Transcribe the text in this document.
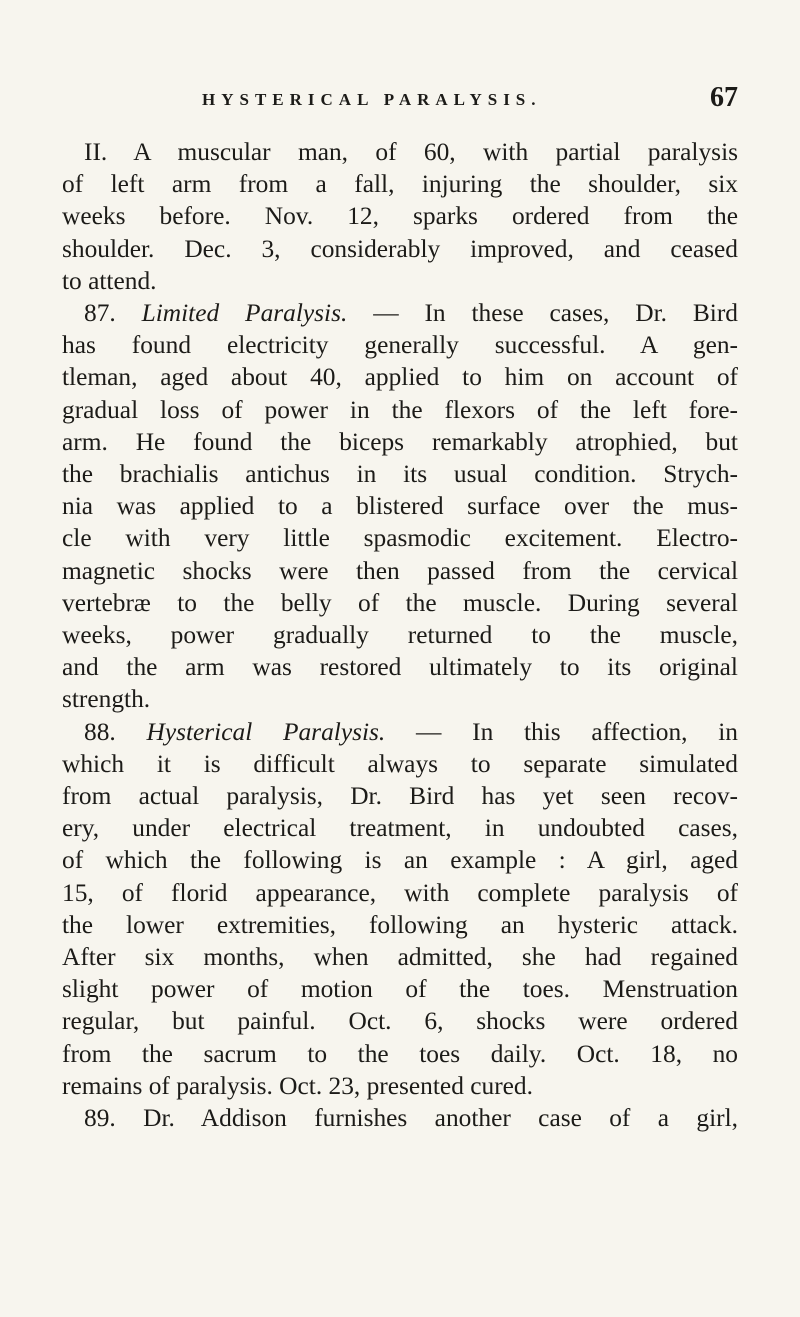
HYSTERICAL PARALYSIS.	67
II. A muscular man, of 60, with partial paralysis
of left arm from a fall, injuring the shoulder, six
weeks before. Nov. 12, sparks ordered from the
shoulder. Dec. 3, considerably improved, and ceased
to attend.
87. Limited Paralysis. — In these cases, Dr. Bird
has found electricity generally successful. A gen-
tleman, aged about 40, applied to him on account of
gradual loss of power in the flexors of the left fore-
arm. He found the biceps remarkably atrophied, but
the brachialis antichus in its usual condition. Strych-
nia was applied to a blistered surface over the mus-
cle with very little spasmodic excitement. Electro-
magnetic shocks were then passed from the cervical
vertebræ to the belly of the muscle. During several
weeks, power gradually returned to the muscle,
and the arm was restored ultimately to its original
strength.
88. Hysterical Paralysis. — In this affection, in
which it is difficult always to separate simulated
from actual paralysis, Dr. Bird has yet seen recov-
ery, under electrical treatment, in undoubted cases,
of which the following is an example : A girl, aged
15, of florid appearance, with complete paralysis of
the lower extremities, following an hysteric attack.
After six months, when admitted, she had regained
slight power of motion of the toes. Menstruation
regular, but painful. Oct. 6, shocks were ordered
from the sacrum to the toes daily. Oct. 18, no
remains of paralysis. Oct. 23, presented cured.
89. Dr. Addison furnishes another case of a girl,
